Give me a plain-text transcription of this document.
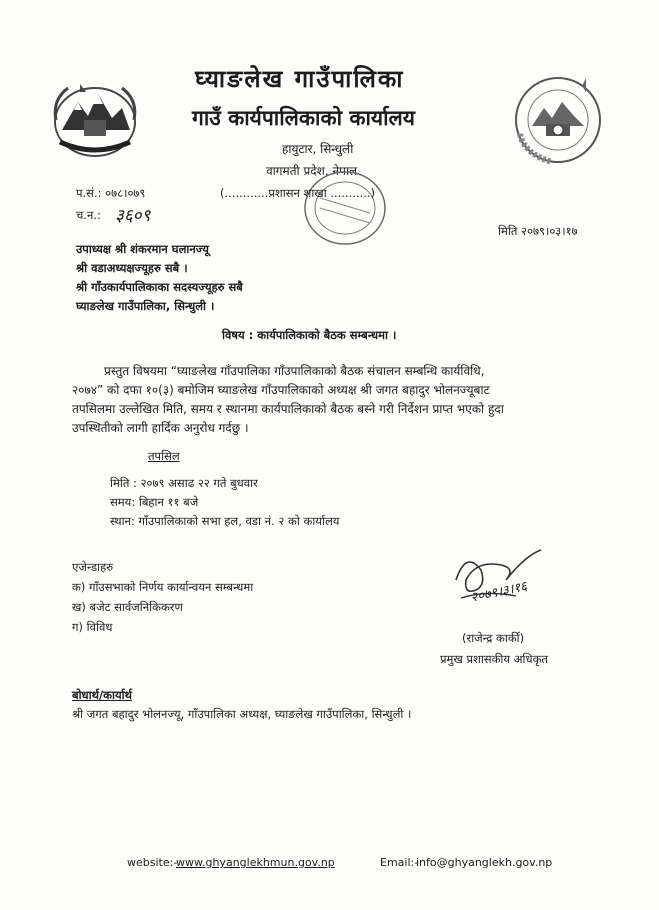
घ्याङलेख गाउँपालिका
गाउँ कार्यपालिकाको कार्यालय
हायुटार, सिन्धुली
वागमती प्रदेश, नेपाल
प.सं.: ०७८।०७९	(............प्रशासन शाखा ...........)
च.न.: ३६०९
मिति २०७९।०३।१७
उपाध्यक्ष श्री शंकरमान घलानज्यू
श्री वडाअध्यक्षज्यूहरु सबै ।
श्री गाँउकार्यपालिकाका सदस्यज्यूहरु सबै
घ्याङलेख गाउँपालिका, सिन्धुली ।
विषय : कार्यपालिकाको बैठक सम्बन्धमा ।
प्रस्तुत विषयमा “घ्याङलेख गाँउपालिका गाँउपालिकाको बैठक संचालन सम्बन्धि कार्यविधि,
२०७४” को दफा १०(३) बमोजिम घ्याङलेख गाँउपालिकाको अध्यक्ष श्री जगत बहादुर भोलनज्यूबाट
तपसिलमा उल्लेखित मिति, समय र स्थानमा कार्यपालिकाको बैठक बस्ने गरी निर्देशन प्राप्त भएको हुदा
उपस्थितीको लागी हार्दिक अनुरोध गर्दछु ।
तपसिल
मिति : २०७९ असाढ २२ गते बुधवार
समय: बिहान ११ बजे
स्थान: गाँउपालिकाको सभा हल, वडा नं. २ को कार्यालय
एजेन्डाहरु
क) गाँउसभाको निर्णय कार्यान्वयन सम्बन्धमा
ख) बजेट सार्वजनिकिकरण
ग) विविध
२०७९।३।१६
(राजेन्द्र कार्की)
प्रमुख प्रशासकीय अधिकृत
बोधार्थ/कार्यार्थ
श्री जगत बहादुर भोलनज्यू, गाँउपालिका अध्यक्ष, घ्याङलेख गाउँपालिका, सिन्धुली ।
website:-
www.ghyanglekhmun.gov.np	Email:-
info@ghyanglekh.gov.np
